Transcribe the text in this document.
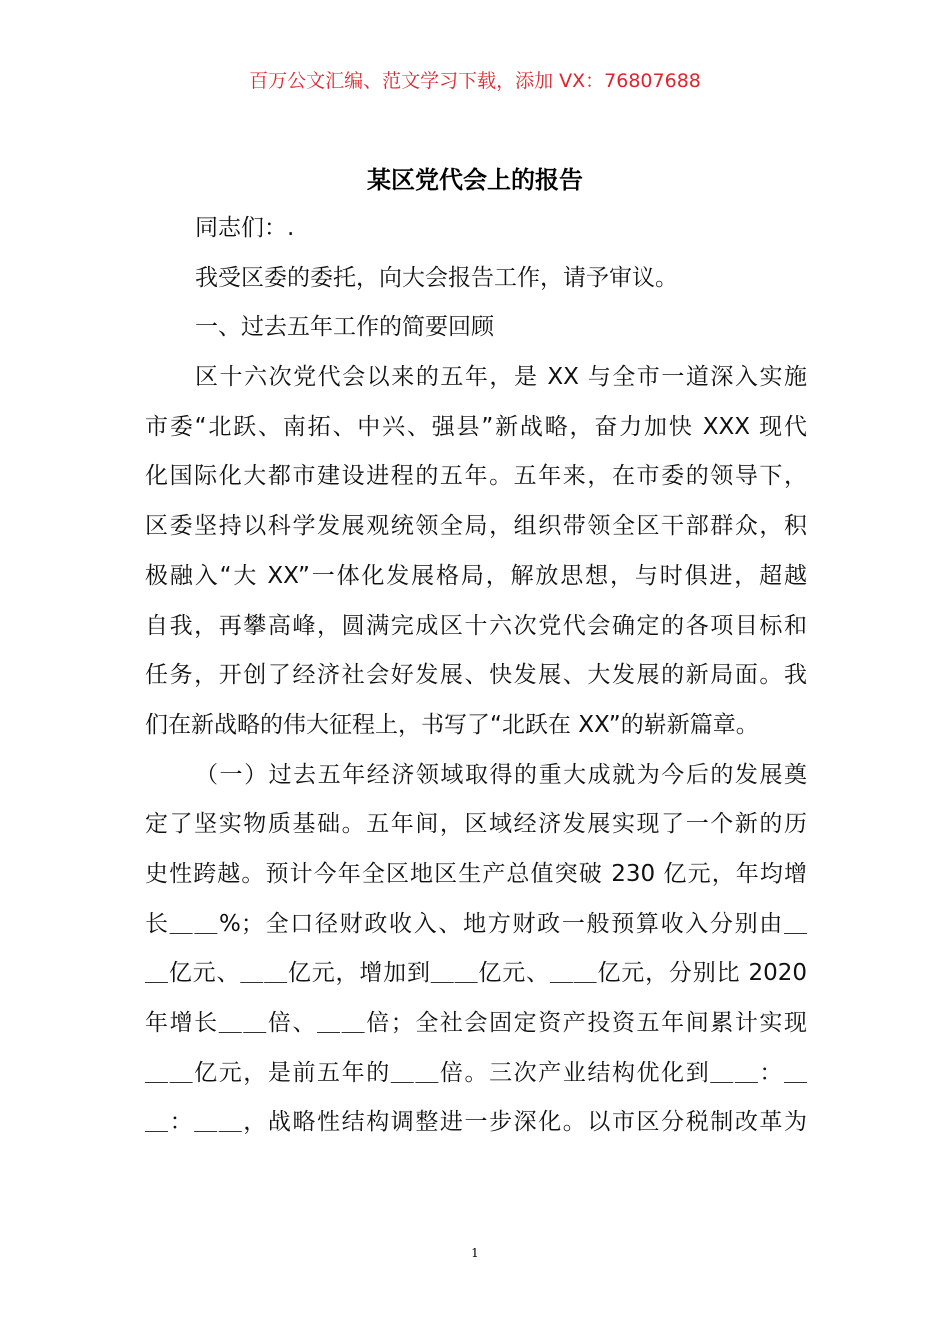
百万公文汇编、范文学习下载，添加 VX：76807688
某区党代会上的报告
同志们：.
我受区委的委托，向大会报告工作，请予审议。
一、过去五年工作的简要回顾
区十六次党代会以来的五年，是 XX 与全市一道深入实施
市委“北跃、南拓、中兴、强县”新战略，奋力加快 XXX 现代
化国际化大都市建设进程的五年。五年来，在市委的领导下，
区委坚持以科学发展观统领全局，组织带领全区干部群众，积
极融入“大 XX”一体化发展格局，解放思想，与时俱进，超越
自我，再攀高峰，圆满完成区十六次党代会确定的各项目标和
任务，开创了经济社会好发展、快发展、大发展的新局面。我
们在新战略的伟大征程上，书写了“北跃在 XX”的崭新篇章。
（一）过去五年经济领域取得的重大成就为今后的发展奠
定了坚实物质基础。五年间，区域经济发展实现了一个新的历
史性跨越。预计今年全区地区生产总值突破 230 亿元，年均增
长＿＿%；全口径财政收入、地方财政一般预算收入分别由＿
＿亿元、＿＿亿元，增加到＿＿亿元、＿＿亿元，分别比 2020
年增长＿＿倍、＿＿倍；全社会固定资产投资五年间累计实现
＿＿亿元，是前五年的＿＿倍。三次产业结构优化到＿＿：＿
＿：＿＿，战略性结构调整进一步深化。以市区分税制改革为
1
